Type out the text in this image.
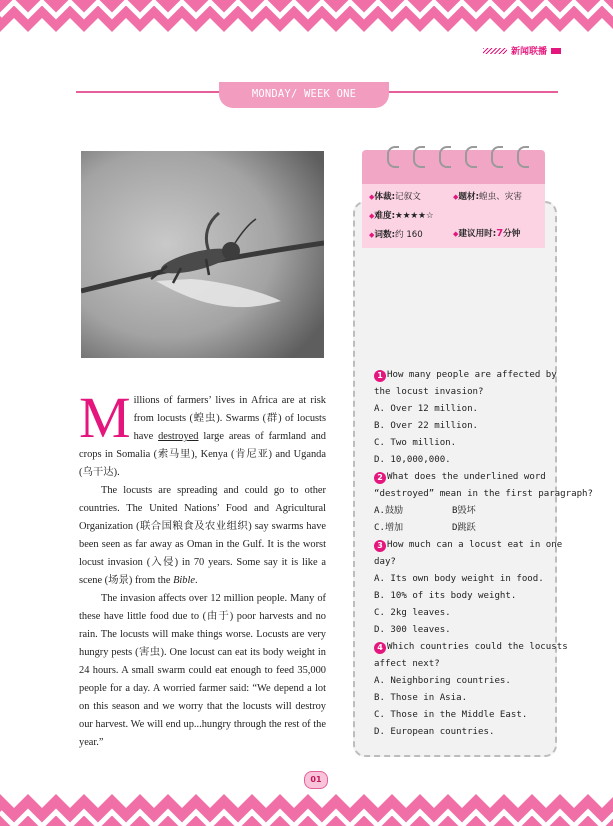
新闻联播
MONDAY/ WEEK ONE

Millions of farmers’ lives in Africa are at risk from locusts (蝗虫). Swarms (群) of locusts have destroyed large areas of farmland and crops in Somalia (索马里), Kenya (肯尼亚) and Uganda (乌干达).

The locusts are spreading and could go to other countries. The United Nations’ Food and Agricultural Organization (联合国粮食及农业组织) say swarms have been seen as far away as Oman in the Gulf. It is the worst locust invasion (入侵) in 70 years. Some say it is like a scene (场景) from the Bible.

The invasion affects over 12 million people. Many of these have little food due to (由于) poor harvests and no rain. The locusts will make things worse. Locusts are very hungry pests (害虫). One locust can eat its body weight in 24 hours. A small swarm could eat enough to feed 35,000 people for a day. A worried farmer said: “We depend a lot on this season and we worry that the locusts will destroy our harvest. We will end up...hungry through the rest of the year.”

◆体裁:记叙文	◆题材:蝗虫、灾害
◆难度:★★★★☆
◆词数:约 160	◆建议用时:7分钟
1 How many people are affected by
the locust invasion?
A. Over 12 million.
B. Over 22 million.
C. Two million.
D. 10,000,000.
2 What does the underlined word
“destroyed” mean in the first paragraph?
A.鼓励	B毁坏
C.增加	D跳跃
3 How much can a locust eat in one
day?
A. Its own body weight in food.
B. 10% of its body weight.
C. 2kg leaves.
D. 300 leaves.
4 Which countries could the locusts
affect next?
A. Neighboring countries.
B. Those in Asia.
C. Those in the Middle East.
D. European countries.
01
